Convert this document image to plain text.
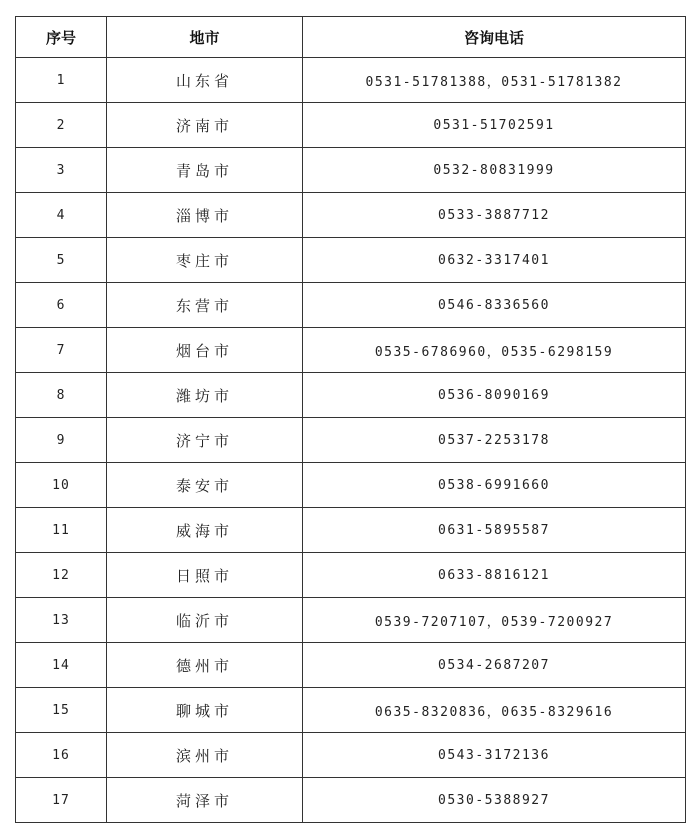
序号	地市	咨询电话
1	山东省	0531-51781388，0531-51781382
2	济南市	0531-51702591
3	青岛市	0532-80831999
4	淄博市	0533-3887712
5	枣庄市	0632-3317401
6	东营市	0546-8336560
7	烟台市	0535-6786960，0535-6298159
8	潍坊市	0536-8090169
9	济宁市	0537-2253178
10	泰安市	0538-6991660
11	威海市	0631-5895587
12	日照市	0633-8816121
13	临沂市	0539-7207107，0539-7200927
14	德州市	0534-2687207
15	聊城市	0635-8320836，0635-8329616
16	滨州市	0543-3172136
17	菏泽市	0530-5388927
